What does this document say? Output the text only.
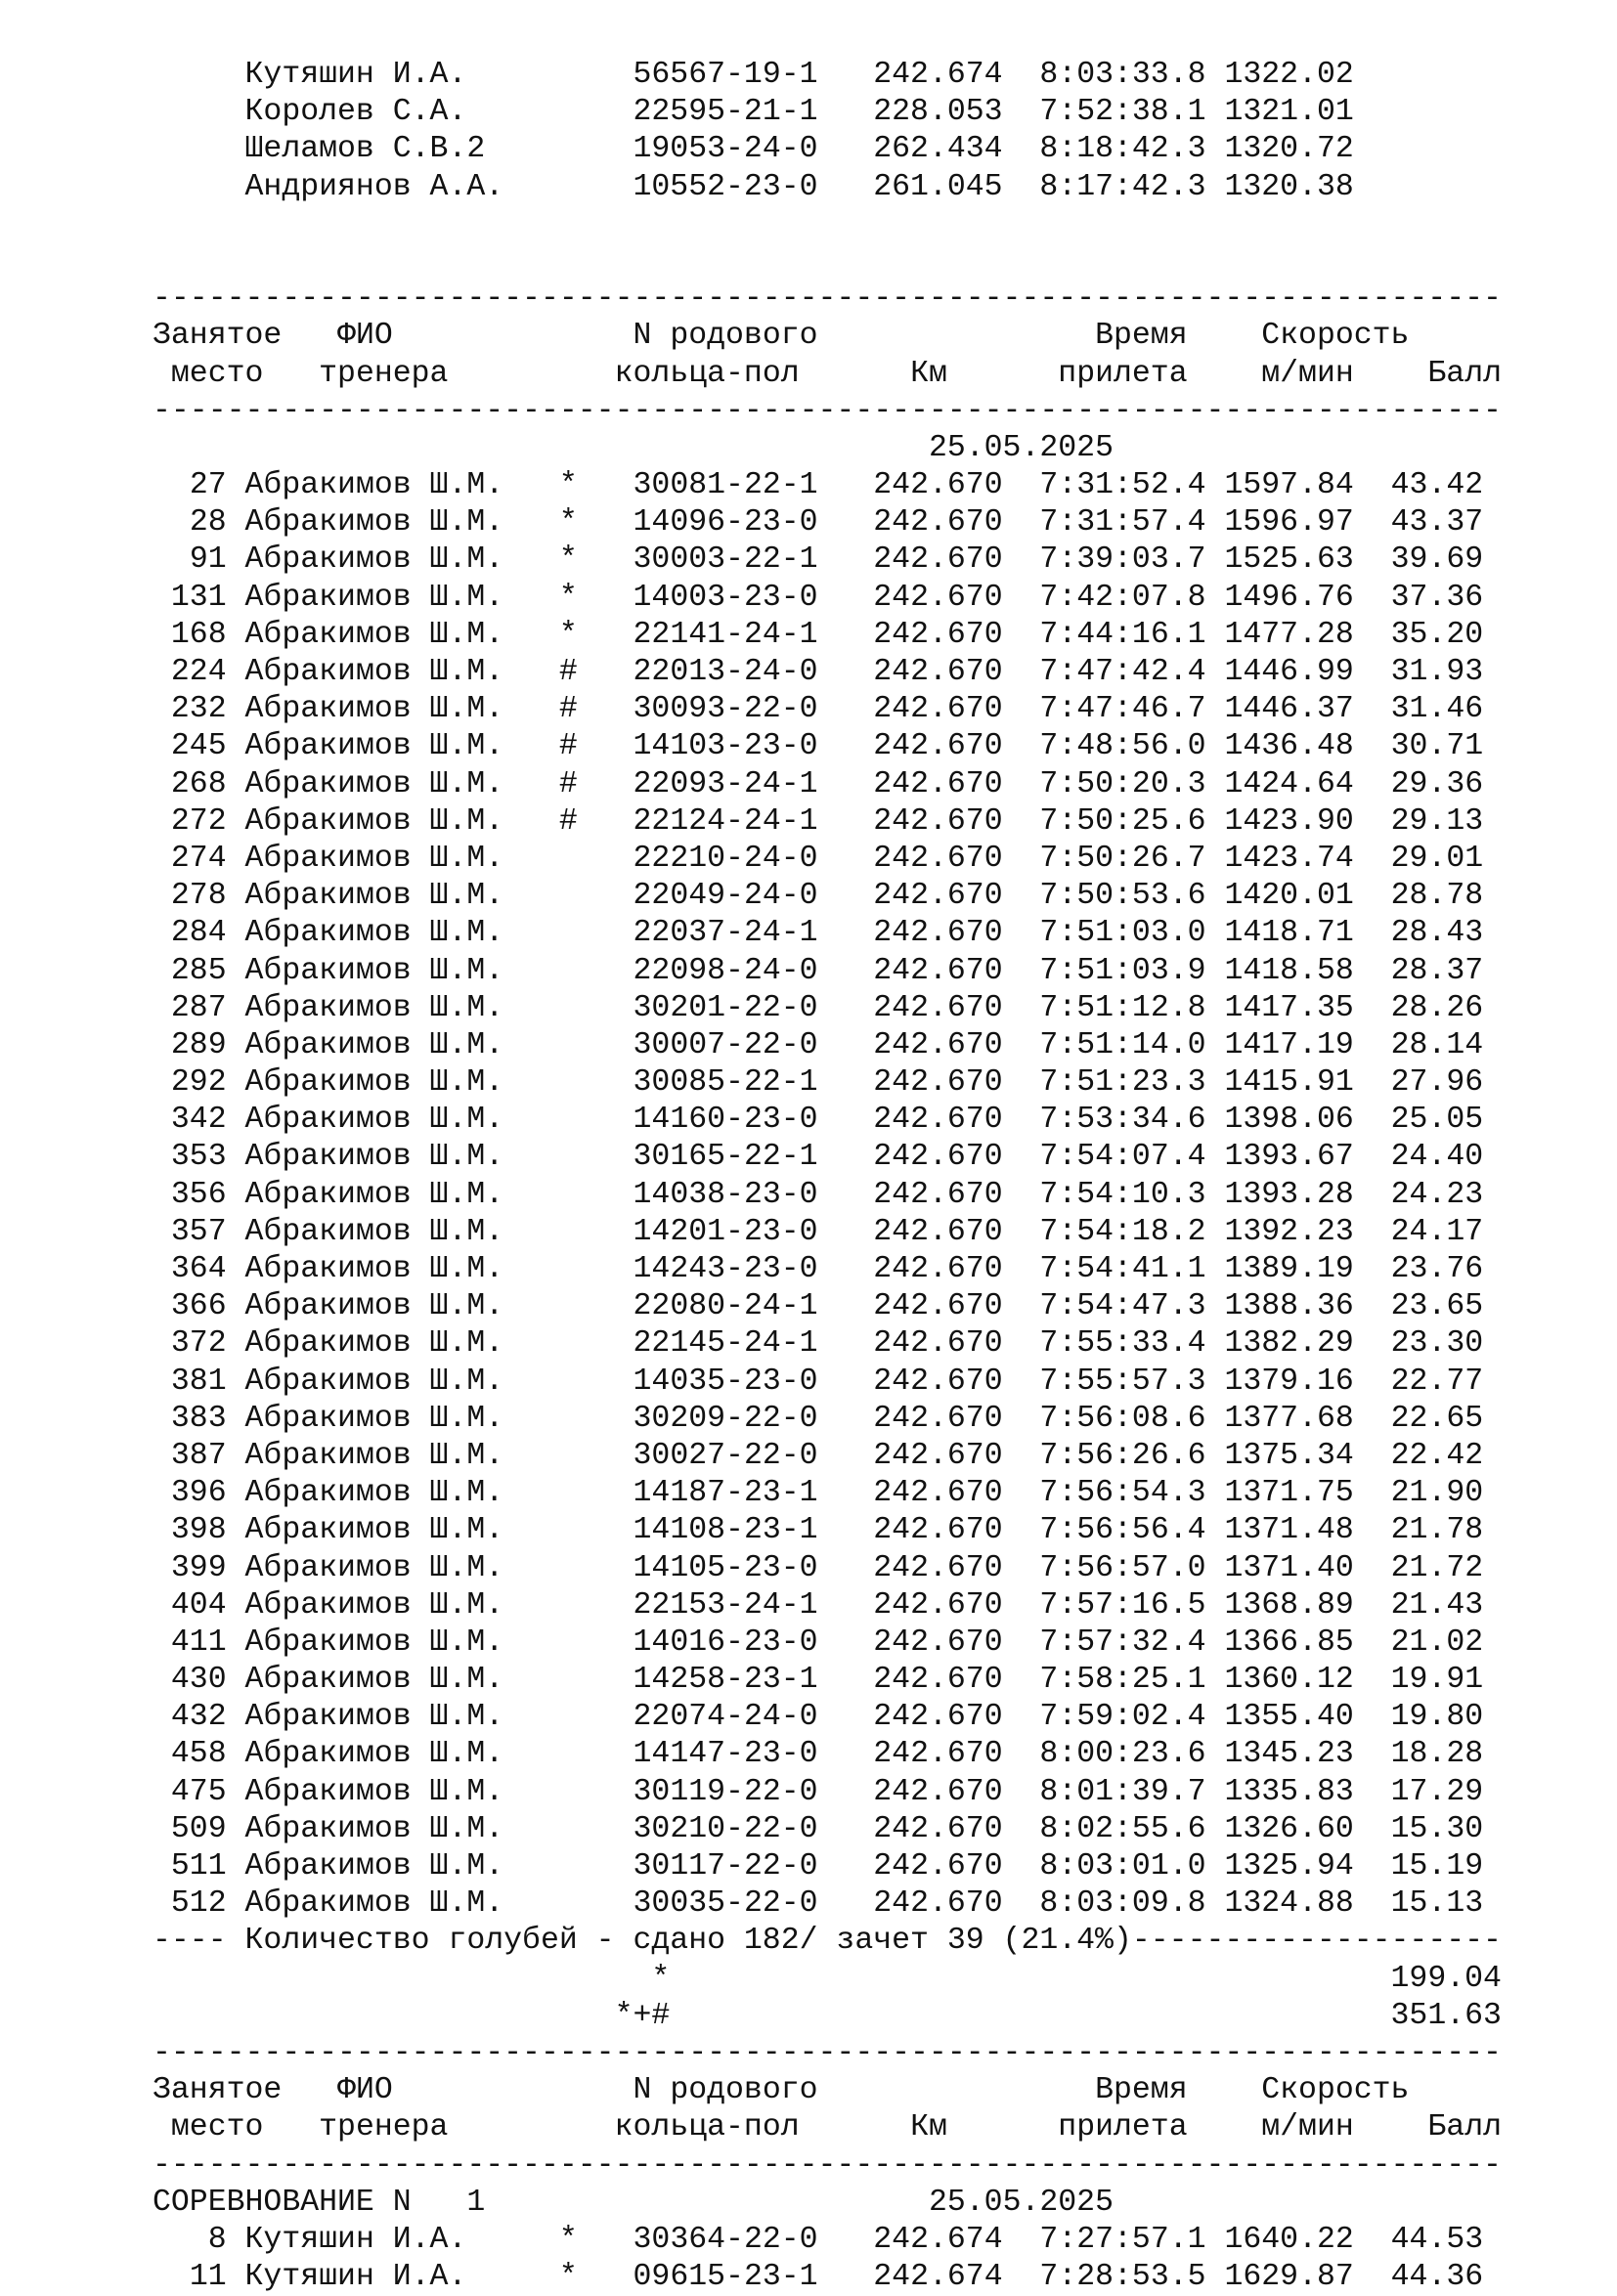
Кутяшин И.А.	56567-19-1 242.674 8:03:33.8 1322.02
Королев С.А.	22595-21-1 228.053 7:52:38.1 1321.01
Шеламов С.В.2	19053-24-0 262.434 8:18:42.3 1320.72
Андриянов А.А.	10552-23-0 261.045 8:17:42.3 1320.38
-------------------------------------------------------------------------
Занятое ФИО	N родового	Время Скорость
место тренера	кольца-пол	Км	прилета м/мин Балл
-------------------------------------------------------------------------
25.05.2025
27 Абракимов Ш.М. * 30081-22-1 242.670 7:31:52.4 1597.84 43.42
28 Абракимов Ш.М. * 14096-23-0 242.670 7:31:57.4 1596.97 43.37
91 Абракимов Ш.М. * 30003-22-1 242.670 7:39:03.7 1525.63 39.69
131 Абракимов Ш.М. * 14003-23-0 242.670 7:42:07.8 1496.76 37.36
168 Абракимов Ш.М. * 22141-24-1 242.670 7:44:16.1 1477.28 35.20
224 Абракимов Ш.М. # 22013-24-0 242.670 7:47:42.4 1446.99 31.93
232 Абракимов Ш.М. # 30093-22-0 242.670 7:47:46.7 1446.37 31.46
245 Абракимов Ш.М. # 14103-23-0 242.670 7:48:56.0 1436.48 30.71
268 Абракимов Ш.М. # 22093-24-1 242.670 7:50:20.3 1424.64 29.36
272 Абракимов Ш.М. # 22124-24-1 242.670 7:50:25.6 1423.90 29.13
274 Абракимов Ш.М.	22210-24-0 242.670 7:50:26.7 1423.74 29.01
278 Абракимов Ш.М.	22049-24-0 242.670 7:50:53.6 1420.01 28.78
284 Абракимов Ш.М.	22037-24-1 242.670 7:51:03.0 1418.71 28.43
285 Абракимов Ш.М.	22098-24-0 242.670 7:51:03.9 1418.58 28.37
287 Абракимов Ш.М.	30201-22-0 242.670 7:51:12.8 1417.35 28.26
289 Абракимов Ш.М.	30007-22-0 242.670 7:51:14.0 1417.19 28.14
292 Абракимов Ш.М.	30085-22-1 242.670 7:51:23.3 1415.91 27.96
342 Абракимов Ш.М.	14160-23-0 242.670 7:53:34.6 1398.06 25.05
353 Абракимов Ш.М.	30165-22-1 242.670 7:54:07.4 1393.67 24.40
356 Абракимов Ш.М.	14038-23-0 242.670 7:54:10.3 1393.28 24.23
357 Абракимов Ш.М.	14201-23-0 242.670 7:54:18.2 1392.23 24.17
364 Абракимов Ш.М.	14243-23-0 242.670 7:54:41.1 1389.19 23.76
366 Абракимов Ш.М.	22080-24-1 242.670 7:54:47.3 1388.36 23.65
372 Абракимов Ш.М.	22145-24-1 242.670 7:55:33.4 1382.29 23.30
381 Абракимов Ш.М.	14035-23-0 242.670 7:55:57.3 1379.16 22.77
383 Абракимов Ш.М.	30209-22-0 242.670 7:56:08.6 1377.68 22.65
387 Абракимов Ш.М.	30027-22-0 242.670 7:56:26.6 1375.34 22.42
396 Абракимов Ш.М.	14187-23-1 242.670 7:56:54.3 1371.75 21.90
398 Абракимов Ш.М.	14108-23-1 242.670 7:56:56.4 1371.48 21.78
399 Абракимов Ш.М.	14105-23-0 242.670 7:56:57.0 1371.40 21.72
404 Абракимов Ш.М.	22153-24-1 242.670 7:57:16.5 1368.89 21.43
411 Абракимов Ш.М.	14016-23-0 242.670 7:57:32.4 1366.85 21.02
430 Абракимов Ш.М.	14258-23-1 242.670 7:58:25.1 1360.12 19.91
432 Абракимов Ш.М.	22074-24-0 242.670 7:59:02.4 1355.40 19.80
458 Абракимов Ш.М.	14147-23-0 242.670 8:00:23.6 1345.23 18.28
475 Абракимов Ш.М.	30119-22-0 242.670 8:01:39.7 1335.83 17.29
509 Абракимов Ш.М.	30210-22-0 242.670 8:02:55.6 1326.60 15.30
511 Абракимов Ш.М.	30117-22-0 242.670 8:03:01.0 1325.94 15.19
512 Абракимов Ш.М.	30035-22-0 242.670 8:03:09.8 1324.88 15.13
---- Количество голубей - сдано 182/ зачет 39 (21.4%)--------------------
*	199.04
*+#	351.63
-------------------------------------------------------------------------
Занятое ФИО	N родового	Время Скорость
место тренера	кольца-пол	Км	прилета м/мин Балл
-------------------------------------------------------------------------
СОРЕВНОВАНИЕ N   1	25.05.2025
8 Кутяшин И.А.	* 30364-22-0 242.674 7:27:57.1 1640.22 44.53
11 Кутяшин И.А.	* 09615-23-1 242.674 7:28:53.5 1629.87 44.36
